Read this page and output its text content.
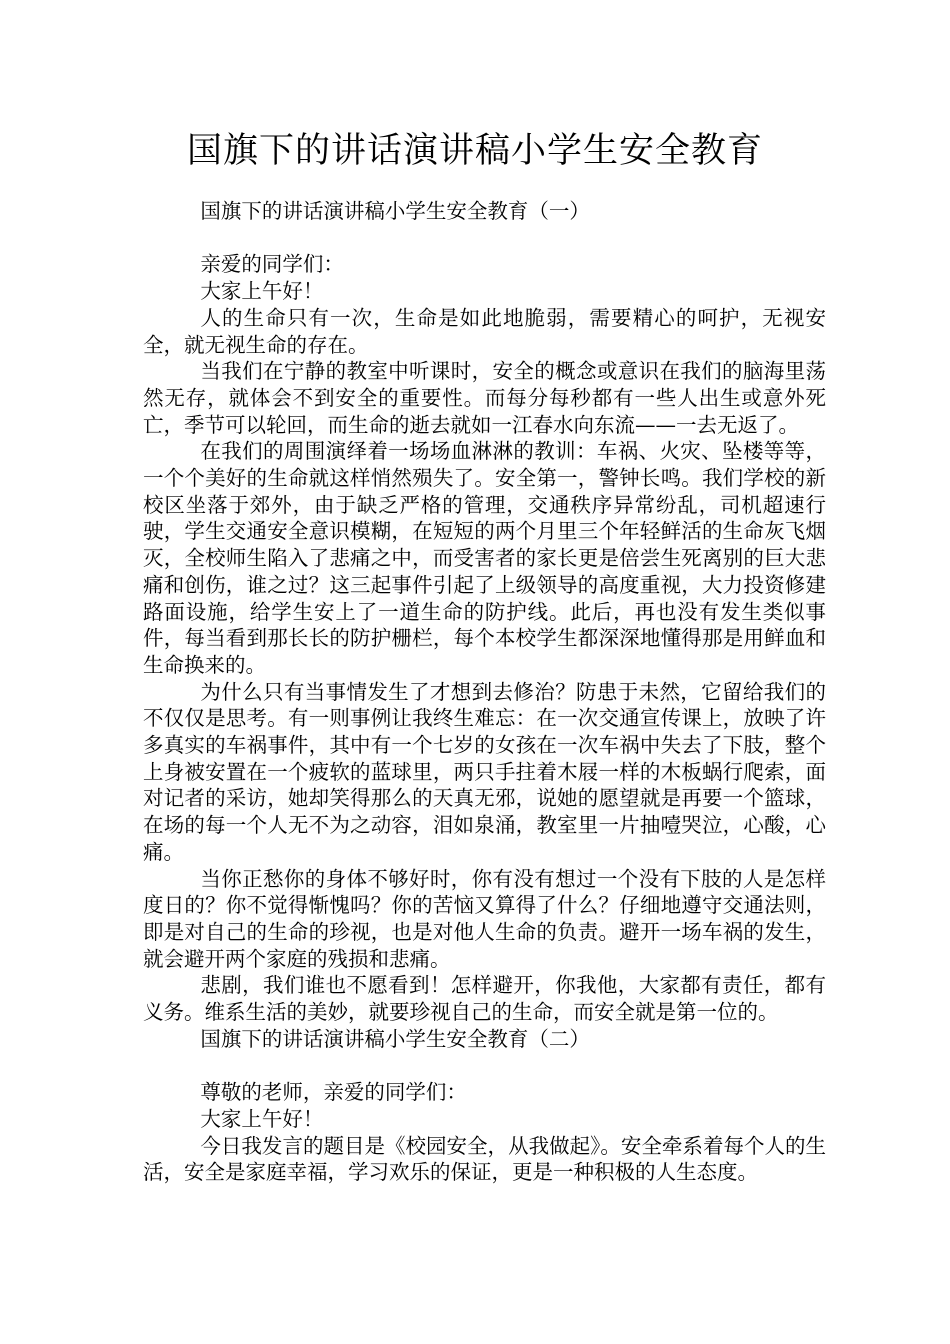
国旗下的讲话演讲稿小学生安全教育

国旗下的讲话演讲稿小学生安全教育（一）

亲爱的同学们：

大家上午好！

人的生命只有一次，生命是如此地脆弱，需要精心的呵护，无视安全，就无视生命的存在。

当我们在宁静的教室中听课时，安全的概念或意识在我们的脑海里荡然无存，就体会不到安全的重要性。而每分每秒都有一些人出生或意外死亡，季节可以轮回，而生命的逝去就如一江春水向东流——一去无返了。

在我们的周围演绎着一场场血淋淋的教训：车祸、火灾、坠楼等等，一个个美好的生命就这样悄然殒失了。安全第一，警钟长鸣。我们学校的新校区坐落于郊外，由于缺乏严格的管理，交通秩序异常纷乱，司机超速行驶，学生交通安全意识模糊，在短短的两个月里三个年轻鲜活的生命灰飞烟灭，全校师生陷入了悲痛之中，而受害者的家长更是倍尝生死离别的巨大悲痛和创伤，谁之过？这三起事件引起了上级领导的高度重视，大力投资修建路面设施，给学生安上了一道生命的防护线。此后，再也没有发生类似事件，每当看到那长长的防护栅栏，每个本校学生都深深地懂得那是用鲜血和生命换来的。

为什么只有当事情发生了才想到去修治？防患于未然，它留给我们的不仅仅是思考。有一则事例让我终生难忘：在一次交通宣传课上，放映了许多真实的车祸事件，其中有一个七岁的女孩在一次车祸中失去了下肢，整个上身被安置在一个疲软的蓝球里，两只手拄着木屐一样的木板蜗行爬索，面对记者的采访，她却笑得那么的天真无邪，说她的愿望就是再要一个篮球，在场的每一个人无不为之动容，泪如泉涌，教室里一片抽噎哭泣，心酸，心痛。

当你正愁你的身体不够好时，你有没有想过一个没有下肢的人是怎样度日的？你不觉得惭愧吗？你的苦恼又算得了什么？仔细地遵守交通法则，即是对自己的生命的珍视，也是对他人生命的负责。避开一场车祸的发生，就会避开两个家庭的残损和悲痛。

悲剧，我们谁也不愿看到！怎样避开，你我他，大家都有责任，都有义务。维系生活的美妙，就要珍视自己的生命，而安全就是第一位的。

国旗下的讲话演讲稿小学生安全教育（二）

尊敬的老师，亲爱的同学们：

大家上午好！

今日我发言的题目是《校园安全，从我做起》。安全牵系着每个人的生活，安全是家庭幸福，学习欢乐的保证，更是一种积极的人生态度。
